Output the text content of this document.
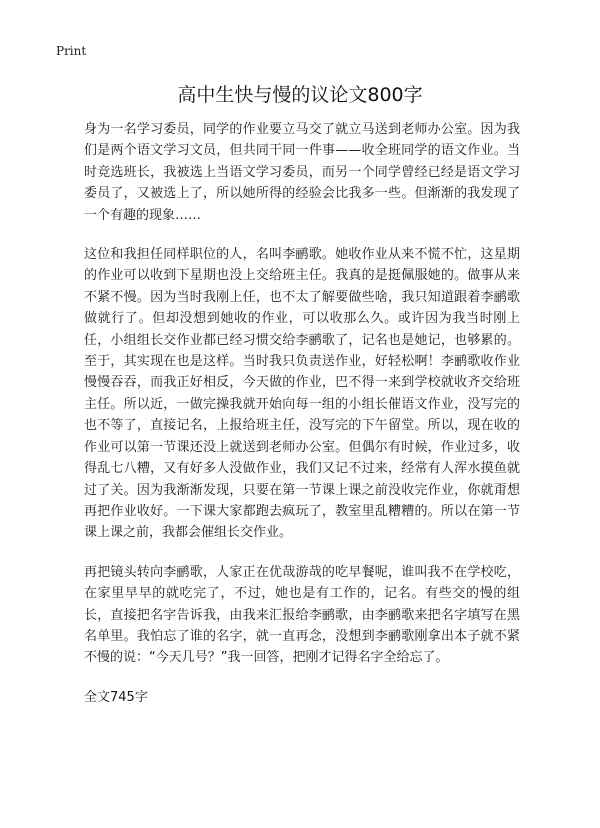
Print
高中生快与慢的议论文800字

身为一名学习委员，同学的作业要立马交了就立马送到老师办公室。因为我们是两个语文学习文员，但共同干同一件事——收全班同学的语文作业。当时竞选班长，我被选上当语文学习委员，而另一个同学曾经已经是语文学习委员了，又被选上了，所以她所得的经验会比我多一些。但渐渐的我发现了一个有趣的现象……

这位和我担任同样职位的人，名叫李鹂歌。她收作业从来不慌不忙，这星期的作业可以收到下星期也没上交给班主任。我真的是挺佩服她的。做事从来不紧不慢。因为当时我刚上任，也不太了解要做些啥，我只知道跟着李鹂歌做就行了。但却没想到她收的作业，可以收那么久。或许因为我当时刚上任，小组组长交作业都已经习惯交给李鹂歌了，记名也是她记，也够累的。至于，其实现在也是这样。当时我只负责送作业，好轻松啊！李鹂歌收作业慢慢吞吞，而我正好相反，今天做的作业，巴不得一来到学校就收齐交给班主任。所以近，一做完操我就开始向每一组的小组长催语文作业，没写完的也不等了，直接记名，上报给班主任，没写完的下午留堂。所以，现在收的作业可以第一节课还没上就送到老师办公室。但偶尔有时候，作业过多，收得乱七八糟，又有好多人没做作业，我们又记不过来，经常有人浑水摸鱼就过了关。因为我渐渐发现，只要在第一节课上课之前没收完作业，你就甭想再把作业收好。一下课大家都跑去疯玩了，教室里乱糟糟的。所以在第一节课上课之前，我都会催组长交作业。

再把镜头转向李鹂歌，人家正在优哉游哉的吃早餐呢，谁叫我不在学校吃，在家里早早的就吃完了，不过，她也是有工作的，记名。有些交的慢的组长，直接把名字告诉我，由我来汇报给李鹂歌，由李鹂歌来把名字填写在黑名单里。我怕忘了谁的名字，就一直再念，没想到李鹂歌刚拿出本子就不紧不慢的说：“今天几号？”我一回答，把刚才记得名字全给忘了。

全文745字
